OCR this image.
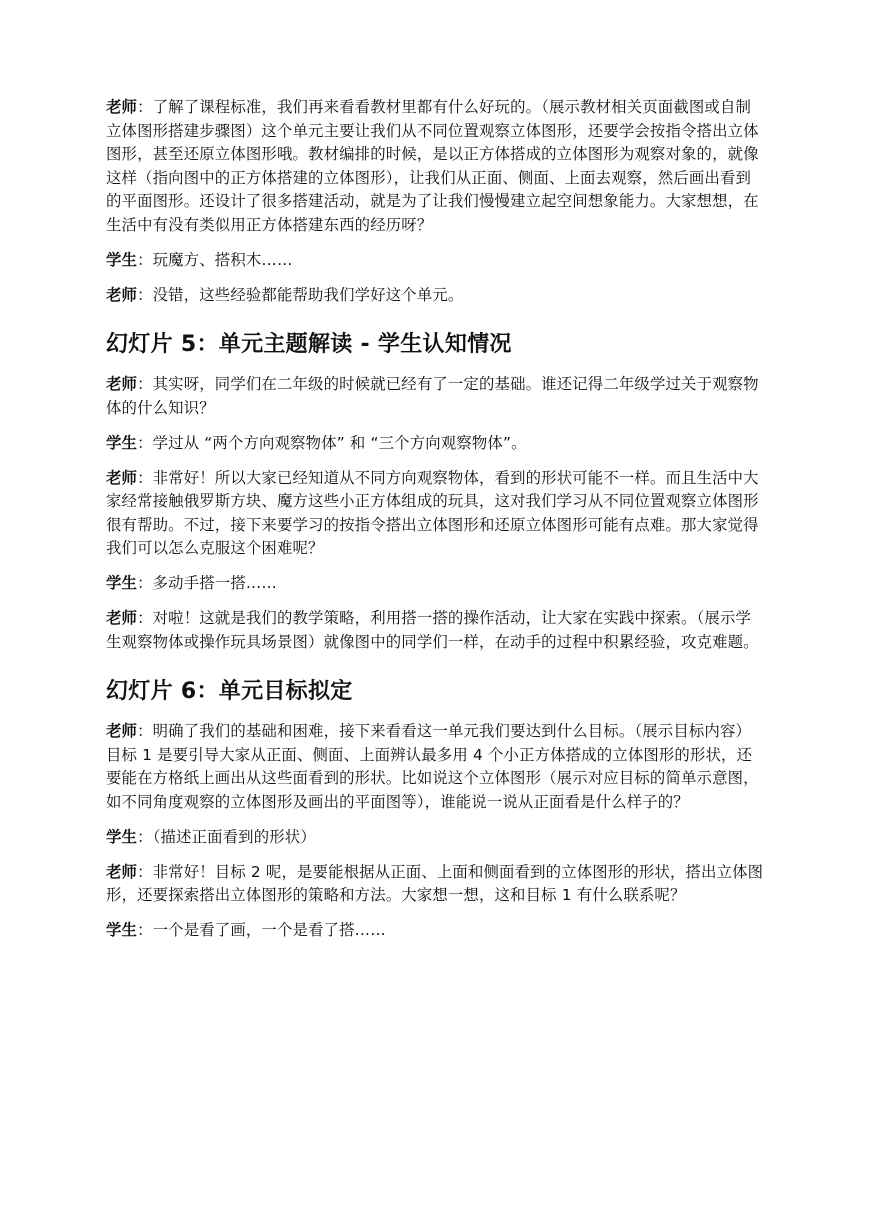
老师：了解了课程标准，我们再来看看教材里都有什么好玩的。（展示教材相关页面截图或自制立体图形搭建步骤图）这个单元主要让我们从不同位置观察立体图形，还要学会按指令搭出立体图形，甚至还原立体图形哦。教材编排的时候，是以正方体搭成的立体图形为观察对象的，就像这样（指向图中的正方体搭建的立体图形），让我们从正面、侧面、上面去观察，然后画出看到的平面图形。还设计了很多搭建活动，就是为了让我们慢慢建立起空间想象能力。大家想想，在生活中有没有类似用正方体搭建东西的经历呀？

学生：玩魔方、搭积木……

老师：没错，这些经验都能帮助我们学好这个单元。

幻灯片 5：单元主题解读 - 学生认知情况

老师：其实呀，同学们在二年级的时候就已经有了一定的基础。谁还记得二年级学过关于观察物体的什么知识？

学生：学过从 “两个方向观察物体” 和 “三个方向观察物体”。

老师：非常好！所以大家已经知道从不同方向观察物体，看到的形状可能不一样。而且生活中大家经常接触俄罗斯方块、魔方这些小正方体组成的玩具，这对我们学习从不同位置观察立体图形很有帮助。不过，接下来要学习的按指令搭出立体图形和还原立体图形可能有点难。那大家觉得我们可以怎么克服这个困难呢？

学生：多动手搭一搭……

老师：对啦！这就是我们的教学策略，利用搭一搭的操作活动，让大家在实践中探索。（展示学生观察物体或操作玩具场景图）就像图中的同学们一样，在动手的过程中积累经验，攻克难题。

幻灯片 6：单元目标拟定

老师：明确了我们的基础和困难，接下来看看这一单元我们要达到什么目标。（展示目标内容）目标 1 是要引导大家从正面、侧面、上面辨认最多用 4 个小正方体搭成的立体图形的形状，还要能在方格纸上画出从这些面看到的形状。比如说这个立体图形（展示对应目标的简单示意图，如不同角度观察的立体图形及画出的平面图等），谁能说一说从正面看是什么样子的？

学生：（描述正面看到的形状）

老师：非常好！目标 2 呢，是要能根据从正面、上面和侧面看到的立体图形的形状，搭出立体图形，还要探索搭出立体图形的策略和方法。大家想一想，这和目标 1 有什么联系呢？

学生：一个是看了画，一个是看了搭……
